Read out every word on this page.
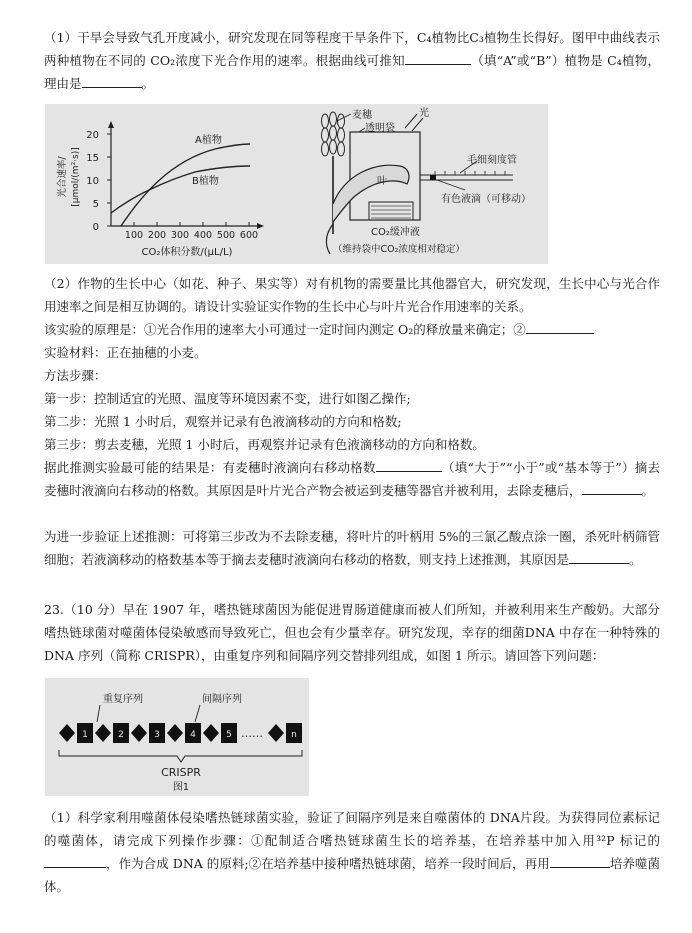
（1）干旱会导致气孔开度减小，研究发现在同等程度干旱条件下，C₄植物比C₃植物生长得好。图甲中曲线表示两种植物在不同的 CO₂浓度下光合作用的速率。根据曲线可推知	（填“A”或“B”）植物是 C₄植物，理由是	。

0
5
10
15
20
100 200 300 400 500 600
CO₂体积分数/(μL/L)
光合速率/ [μmol/(m²·s)]
A植物
B植物
麦穗
透明袋
光
叶
毛细刻度管
有色液滴（可移动）
CO₂缓冲液
（维持袋中CO₂浓度相对稳定）

（2）作物的生长中心（如花、种子、果实等）对有机物的需要量比其他器官大，研究发现，生长中心与光合作用速率之间是相互协调的。请设计实验证实作物的生长中心与叶片光合作用速率的关系。
该实验的原理是：①光合作用的速率大小可通过一定时间内测定 O₂的释放量来确定；②
实验材料：正在抽穗的小麦。
方法步骤：
第一步：控制适宜的光照、温度等环境因素不变，进行如图乙操作;
第二步：光照 1 小时后，观察并记录有色液滴移动的方向和格数;
第三步：剪去麦穗，光照 1 小时后，再观察并记录有色液滴移动的方向和格数。

据此推测实验最可能的结果是：有麦穗时液滴向右移动格数	（填“大于”“小于”或“基本等于”）摘去麦穗时液滴向右移动的格数。其原因是叶片光合产物会被运到麦穗等器官并被利用，去除麦穗后，	。

为进一步验证上述推测：可将第三步改为不去除麦穗，将叶片的叶柄用 5%的三氯乙酸点涂一圈，杀死叶柄筛管细胞；若液滴移动的格数基本等于摘去麦穗时液滴向右移动的格数，则支持上述推测，其原因是	。

23.（10 分）早在 1907 年，嗜热链球菌因为能促进胃肠道健康而被人们所知，并被利用来生产酸奶。大部分嗜热链球菌对噬菌体侵染敏感而导致死亡，但也会有少量幸存。研究发现，幸存的细菌DNA 中存在一种特殊的 DNA 序列（简称 CRISPR），由重复序列和间隔序列交替排列组成，如图 1 所示。请回答下列问题：

重复序列	间隔序列
1	2	3	4	5	n
……
CRISPR
图1

（1）科学家利用噬菌体侵染嗜热链球菌实验，验证了间隔序列是来自噬菌体的 DNA片段。为获得同位素标记的噬菌体，请完成下列操作步骤：①配制适合嗜热链球菌生长的培养基，在培养基中加入用³²P 标记的，作为合成 DNA 的原料;②在培养基中接种嗜热链球菌，培养一段时间后，再用	培养噬菌体。
